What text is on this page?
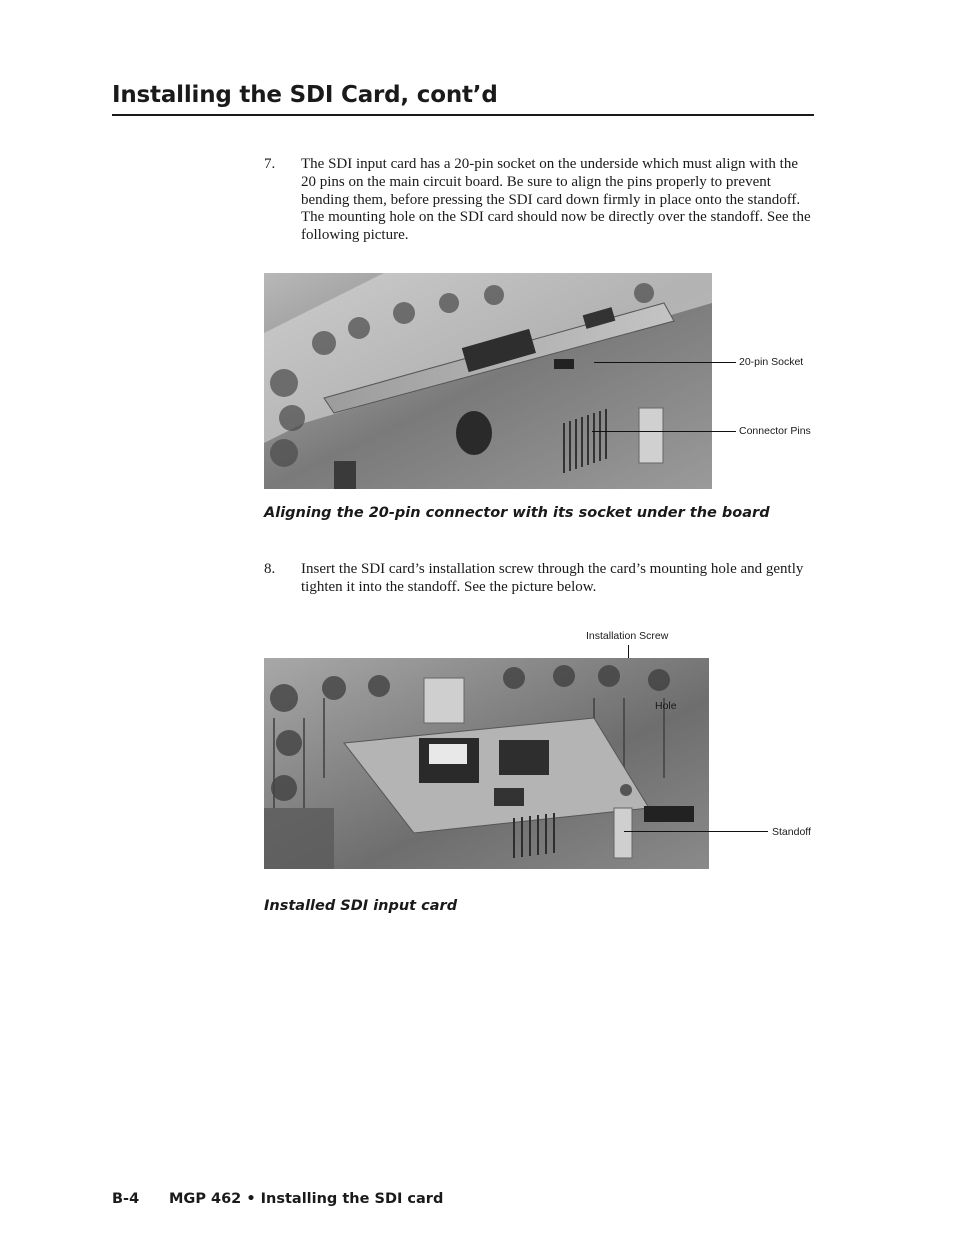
Installing the SDI Card, cont’d
7. The SDI input card has a 20-pin socket on the underside which must align with the 20 pins on the main circuit board. Be sure to align the pins properly to prevent bending them, before pressing the SDI card down firmly in place onto the standoff. The mounting hole on the SDI card should now be directly over the standoff. See the following picture.
20-pin Socket
Connector Pins
Aligning the 20-pin connector with its socket under the board
8. Insert the SDI card’s installation screw through the card’s mounting hole and gently tighten it into the standoff. See the picture below.
Installation Screw
Hole
Standoff
Installed SDI input card
B-4 MGP 462 • Installing the SDI card
